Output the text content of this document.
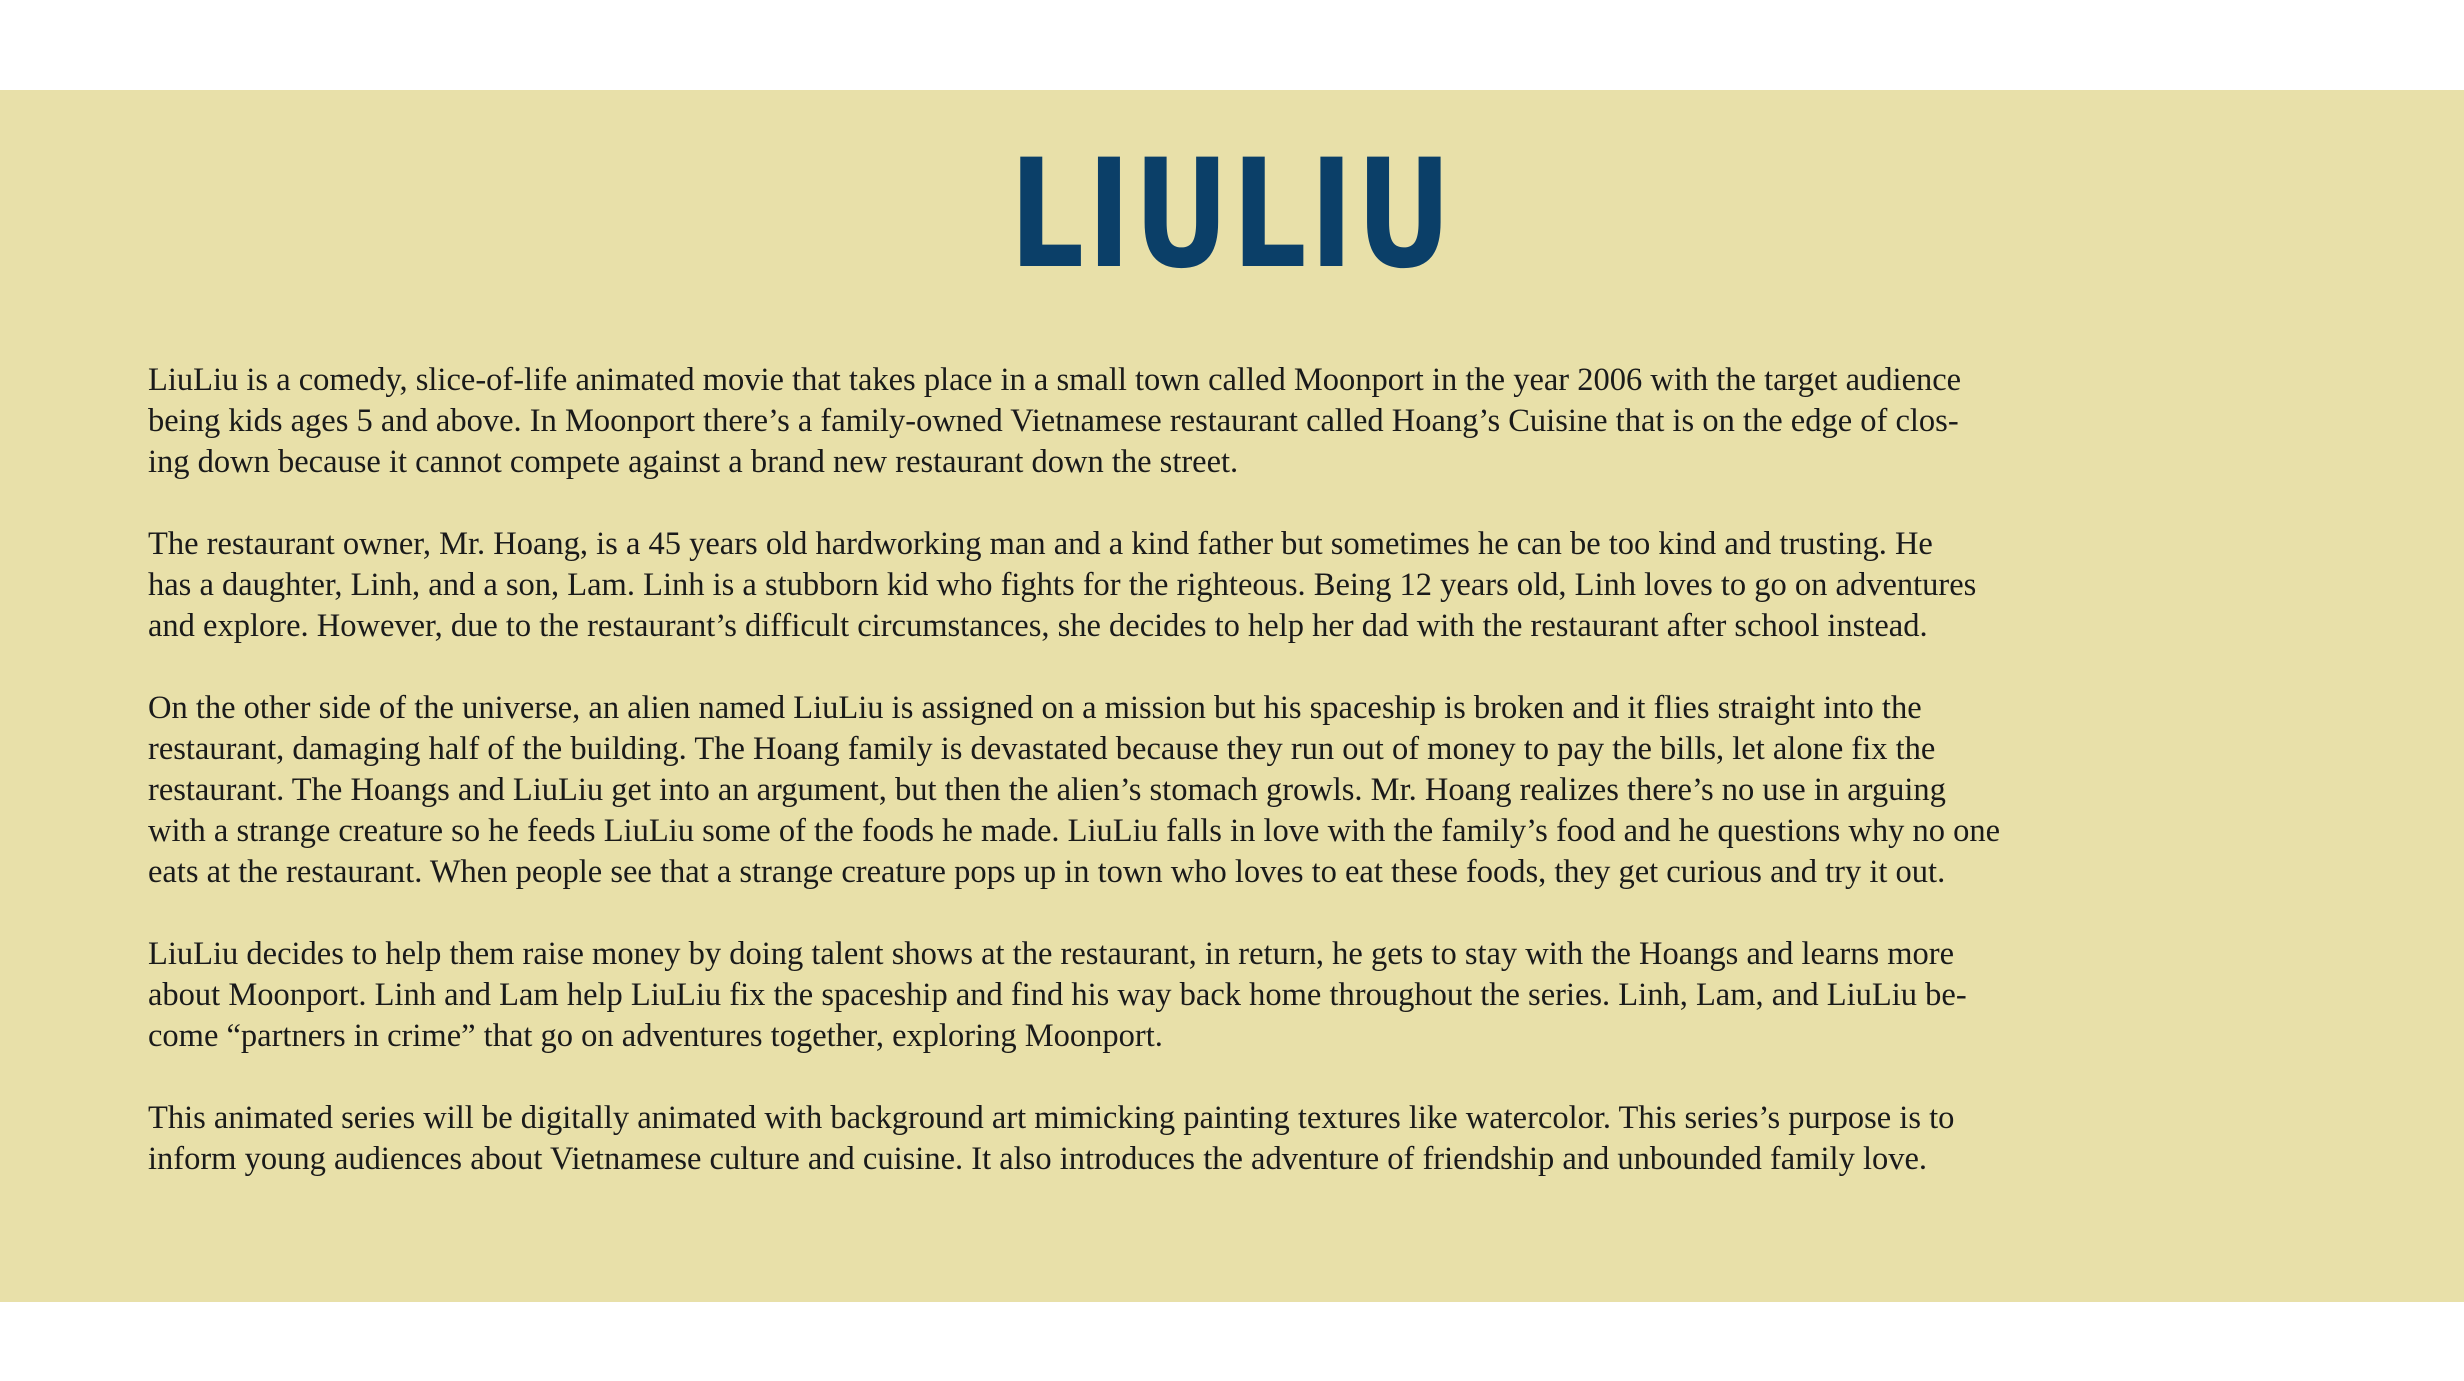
LIULIU

LiuLiu is a comedy, slice-of-life animated movie that takes place in a small town called Moonport in the year 2006 with the target audience
being kids ages 5 and above. In Moonport there’s a family-owned Vietnamese restaurant called Hoang’s Cuisine that is on the edge of clos-
ing down because it cannot compete against a brand new restaurant down the street.

The restaurant owner, Mr. Hoang, is a 45 years old hardworking man and a kind father but sometimes he can be too kind and trusting. He
has a daughter, Linh, and a son, Lam. Linh is a stubborn kid who fights for the righteous. Being 12 years old, Linh loves to go on adventures
and explore. However, due to the restaurant’s difficult circumstances, she decides to help her dad with the restaurant after school instead.

On the other side of the universe, an alien named LiuLiu is assigned on a mission but his spaceship is broken and it flies straight into the
restaurant, damaging half of the building. The Hoang family is devastated because they run out of money to pay the bills, let alone fix the
restaurant. The Hoangs and LiuLiu get into an argument, but then the alien’s stomach growls. Mr. Hoang realizes there’s no use in arguing
with a strange creature so he feeds LiuLiu some of the foods he made. LiuLiu falls in love with the family’s food and he questions why no one
eats at the restaurant. When people see that a strange creature pops up in town who loves to eat these foods, they get curious and try it out.

LiuLiu decides to help them raise money by doing talent shows at the restaurant, in return, he gets to stay with the Hoangs and learns more
about Moonport. Linh and Lam help LiuLiu fix the spaceship and find his way back home throughout the series. Linh, Lam, and LiuLiu be-
come “partners in crime” that go on adventures together, exploring Moonport.

This animated series will be digitally animated with background art mimicking painting textures like watercolor. This series’s purpose is to
inform young audiences about Vietnamese culture and cuisine. It also introduces the adventure of friendship and unbounded family love.
